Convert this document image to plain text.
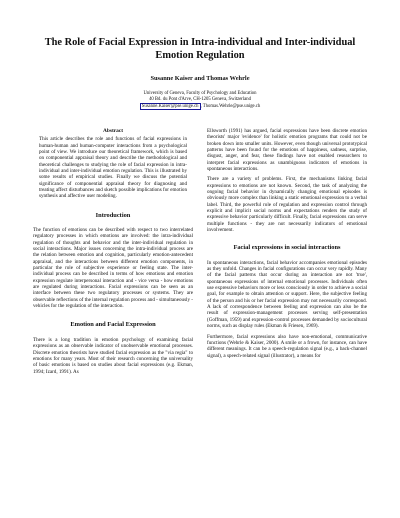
The Role of Facial Expression in Intra-individual and Inter-individual Emotion Regulation
Susanne Kaiser and Thomas Wehrle
University of Geneva, Faculty of Psychology and Education
40 Bd. du Pont d'Arve, CH-1205 Geneva, Switzerland
Susanne.Kaiser@pse.unige.ch , Thomas.Wehrle@pse.unige.ch
Abstract

This article describes the role and functions of facial expressions in human-human and human-computer interactions from a psychological point of view. We introduce our theoretical framework, which is based on componential appraisal theory and describe the methodological and theoretical challenges to studying the role of facial expression in intra-individual and inter-individual emotion regulation. This is illustrated by some results of empirical studies. Finally we discuss the potential significance of componential appraisal theory for diagnosing and treating affect disturbances and sketch possible implications for emotion synthesis and affective user modeling.

Introduction

The function of emotions can be described with respect to two interrelated regulatory processes in which emotions are involved: the intra-individual regulation of thoughts and behavior and the inter-individual regulation in social interactions. Major issues concerning the intra-individual process are the relation between emotion and cognition, particularly emotion-antecedent appraisal, and the interactions between different emotion components, in particular the role of subjective experience or feeling state. The inter-individual process can be described in terms of how emotions and emotion expression regulate interpersonal interaction and - vice versa - how emotions are regulated during interactions. Facial expressions can be seen as an interface between these two regulatory processes or systems. They are observable reflections of the internal regulation process and - simultaneously - vehicles for the regulation of the interaction.

Emotion and Facial Expression

There is a long tradition in emotion psychology of examining facial expressions as an observable indicator of unobservable emotional processes. Discrete emotion theorists have studied facial expression as the "via regia" to emotions for many years. Most of their research concerning the universality of basic emotions is based on studies about facial expressions (e.g. Ekman, 1994; Izard, 1991). As

Ellsworth (1991) has argued, facial expressions have been discrete emotion theorists' major 'evidence' for holistic emotion programs that could not be broken down into smaller units. However, even though universal prototypical patterns have been found for the emotions of happiness, sadness, surprise, disgust, anger, and fear, these findings have not enabled researchers to interpret facial expressions as unambiguous indicators of emotions in spontaneous interactions.

There are a variety of problems. First, the mechanisms linking facial expressions to emotions are not known. Second, the task of analyzing the ongoing facial behavior in dynamically changing emotional episodes is obviously more complex than linking a static emotional expression to a verbal label. Third, the powerful role of regulation and expression control through explicit and implicit social norms and expectations renders the study of expressive behavior particularly difficult. Finally, facial expressions can serve multiple functions - they are not necessarily indicators of emotional involvement.

Facial expressions in social interactions

In spontaneous interactions, facial behavior accompanies emotional episodes as they unfold. Changes in facial configurations can occur very rapidly. Many of the facial patterns that occur during an interaction are not 'true', spontaneous expressions of internal emotional processes. Individuals often use expressive behaviors more or less consciously in order to achieve a social goal, for example to obtain attention or support. Here, the subjective feeling of the person and his or her facial expression may not necessarily correspond. A lack of correspondence between feeling and expression can also be the result of expression-management processes serving self-presentation (Goffman, 1959) and expression-control processes demanded by sociocultural norms, such as display rules (Ekman & Friesen, 1969).

Furthermore, facial expressions also have non-emotional, communicative functions (Wehrle & Kaiser, 2000). A smile or a frown, for instance, can have different meanings. It can be a speech-regulation signal (e.g., a back-channel signal), a speech-related signal (illustrator), a means for
